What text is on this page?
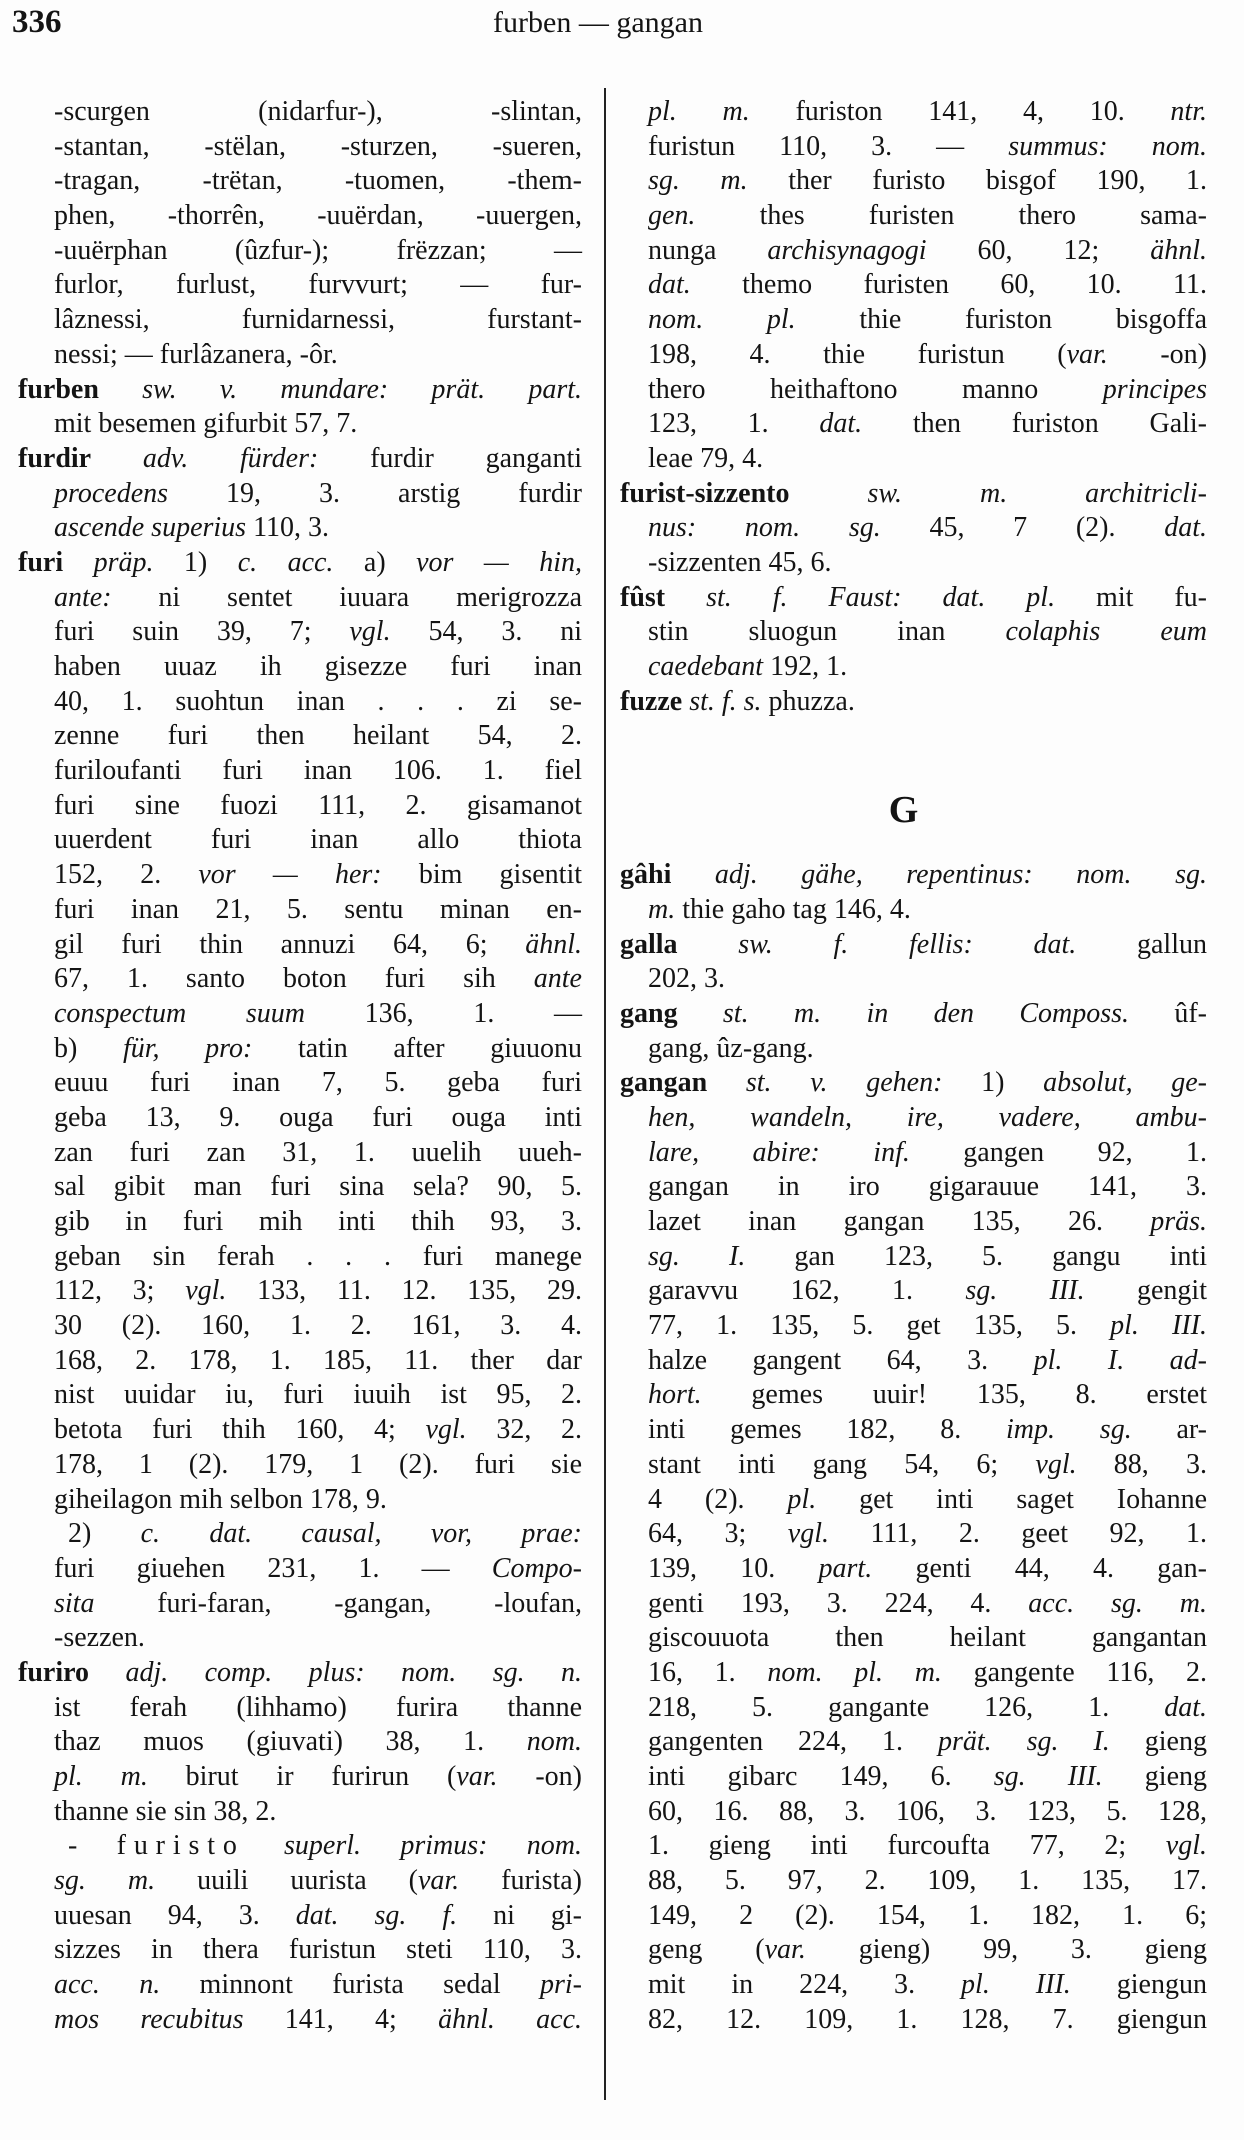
336	furben — gangan
-scurgen (nidarfur-), -slintan,
-stantan, -stëlan, -sturzen, -sueren,
-tragan, -trëtan, -tuomen, -them-
phen, -thorrên, -uuërdan, -uuergen,
-uuërphan (ûzfur-); frëzzan; —
furlor, furlust, furvvurt; — fur-
lâznessi, furnidarnessi, furstant-
nessi; — furlâzanera, -ôr.
furben sw. v. mundare: prät. part.
mit besemen gifurbit 57, 7.
furdir adv. fürder: furdir ganganti
procedens 19, 3. arstig furdir
ascende superius 110, 3.
furi präp. 1) c. acc. a) vor — hin,
ante: ni sentet iuuara merigrozza
furi suin 39, 7; vgl. 54, 3. ni
haben uuaz ih gisezze furi inan
40, 1. suohtun inan . . . zi se-
zenne furi then heilant 54, 2.
furiloufanti furi inan 106. 1. fiel
furi sine fuozi 111, 2. gisamanot
uuerdent furi inan allo thiota
152, 2. vor — her: bim gisentit
furi inan 21, 5. sentu minan en-
gil furi thin annuzi 64, 6; ähnl.
67, 1. santo boton furi sih ante
conspectum suum 136, 1. —
b) für, pro: tatin after giuuonu
euuu furi inan 7, 5. geba furi
geba 13, 9. ouga furi ouga inti
zan furi zan 31, 1. uuelih uueh-
sal gibit man furi sina sela? 90, 5.
gib in furi mih inti thih 93, 3.
geban sin ferah . . . furi manege
112, 3; vgl. 133, 11. 12. 135, 29.
30 (2). 160, 1. 2. 161, 3. 4.
168, 2. 178, 1. 185, 11. ther dar
nist uuidar iu, furi iuuih ist 95, 2.
betota furi thih 160, 4; vgl. 32, 2.
178, 1 (2). 179, 1 (2). furi sie
giheilagon mih selbon 178, 9.
2) c. dat. causal, vor, prae:
furi giuehen 231, 1. — Compo-
sita furi-faran, -gangan, -loufan,
-sezzen.
furiro adj. comp. plus: nom. sg. n.
ist ferah (lihhamo) furira thanne
thaz muos (giuvati) 38, 1. nom.
pl. m. birut ir furirun (var. -on)
thanne sie sin 38, 2.
- furisto superl. primus: nom.
sg. m. uuili uurista (var. furista)
uuesan 94, 3. dat. sg. f. ni gi-
sizzes in thera furistun steti 110, 3.
acc. n. minnont furista sedal pri-
mos recubitus 141, 4; ähnl. acc.
pl. m. furiston 141, 4, 10. ntr.
furistun 110, 3. — summus: nom.
sg. m. ther furisto bisgof 190, 1.
gen. thes furisten thero sama-
nunga archisynagogi 60, 12; ähnl.
dat. themo furisten 60, 10. 11.
nom. pl. thie furiston bisgoffa
198, 4. thie furistun (var. -on)
thero heithaftono manno principes
123, 1. dat. then furiston Gali-
leae 79, 4.
furist-sizzento	sw. m. architricli-
nus: nom. sg. 45, 7 (2). dat.
-sizzenten 45, 6.
fûst st. f. Faust: dat. pl. mit fu-
stin sluogun inan colaphis eum
caedebant 192, 1.
fuzze st. f. s. phuzza.

G

gâhi adj. gähe, repentinus: nom. sg.
m. thie gaho tag 146, 4.
galla sw. f. fellis: dat. gallun
202, 3.
gang st. m. in den Composs. ûf-
gang, ûz-gang.
gangan st. v. gehen: 1) absolut, ge-
hen, wandeln, ire, vadere, ambu-
lare, abire: inf. gangen 92, 1.
gangan in iro gigarauue 141, 3.
lazet inan gangan 135, 26. präs.
sg. I. gan 123, 5. gangu inti
garavvu 162, 1. sg. III. gengit
77, 1. 135, 5. get 135, 5. pl. III.
halze gangent 64, 3. pl. I. ad-
hort. gemes uuir! 135, 8. erstet
inti gemes 182, 8. imp. sg. ar-
stant inti gang 54, 6; vgl. 88, 3.
4 (2). pl. get inti saget Iohanne
64, 3; vgl. 111, 2. geet 92, 1.
139, 10. part. genti 44, 4. gan-
genti 193, 3. 224, 4. acc. sg. m.
giscouuota then heilant gangantan
16, 1. nom. pl. m. gangente 116, 2.
218, 5. gangante 126, 1. dat.
gangenten 224, 1. prät. sg. I. gieng
inti gibarc 149, 6. sg. III. gieng
60, 16. 88, 3. 106, 3. 123, 5. 128,
1. gieng inti furcoufta 77, 2; vgl.
88, 5. 97, 2. 109, 1. 135, 17.
149, 2 (2). 154, 1. 182, 1. 6;
geng (var. gieng) 99, 3. gieng
mit in 224, 3. pl. III. giengun
82, 12. 109, 1. 128, 7. giengun
